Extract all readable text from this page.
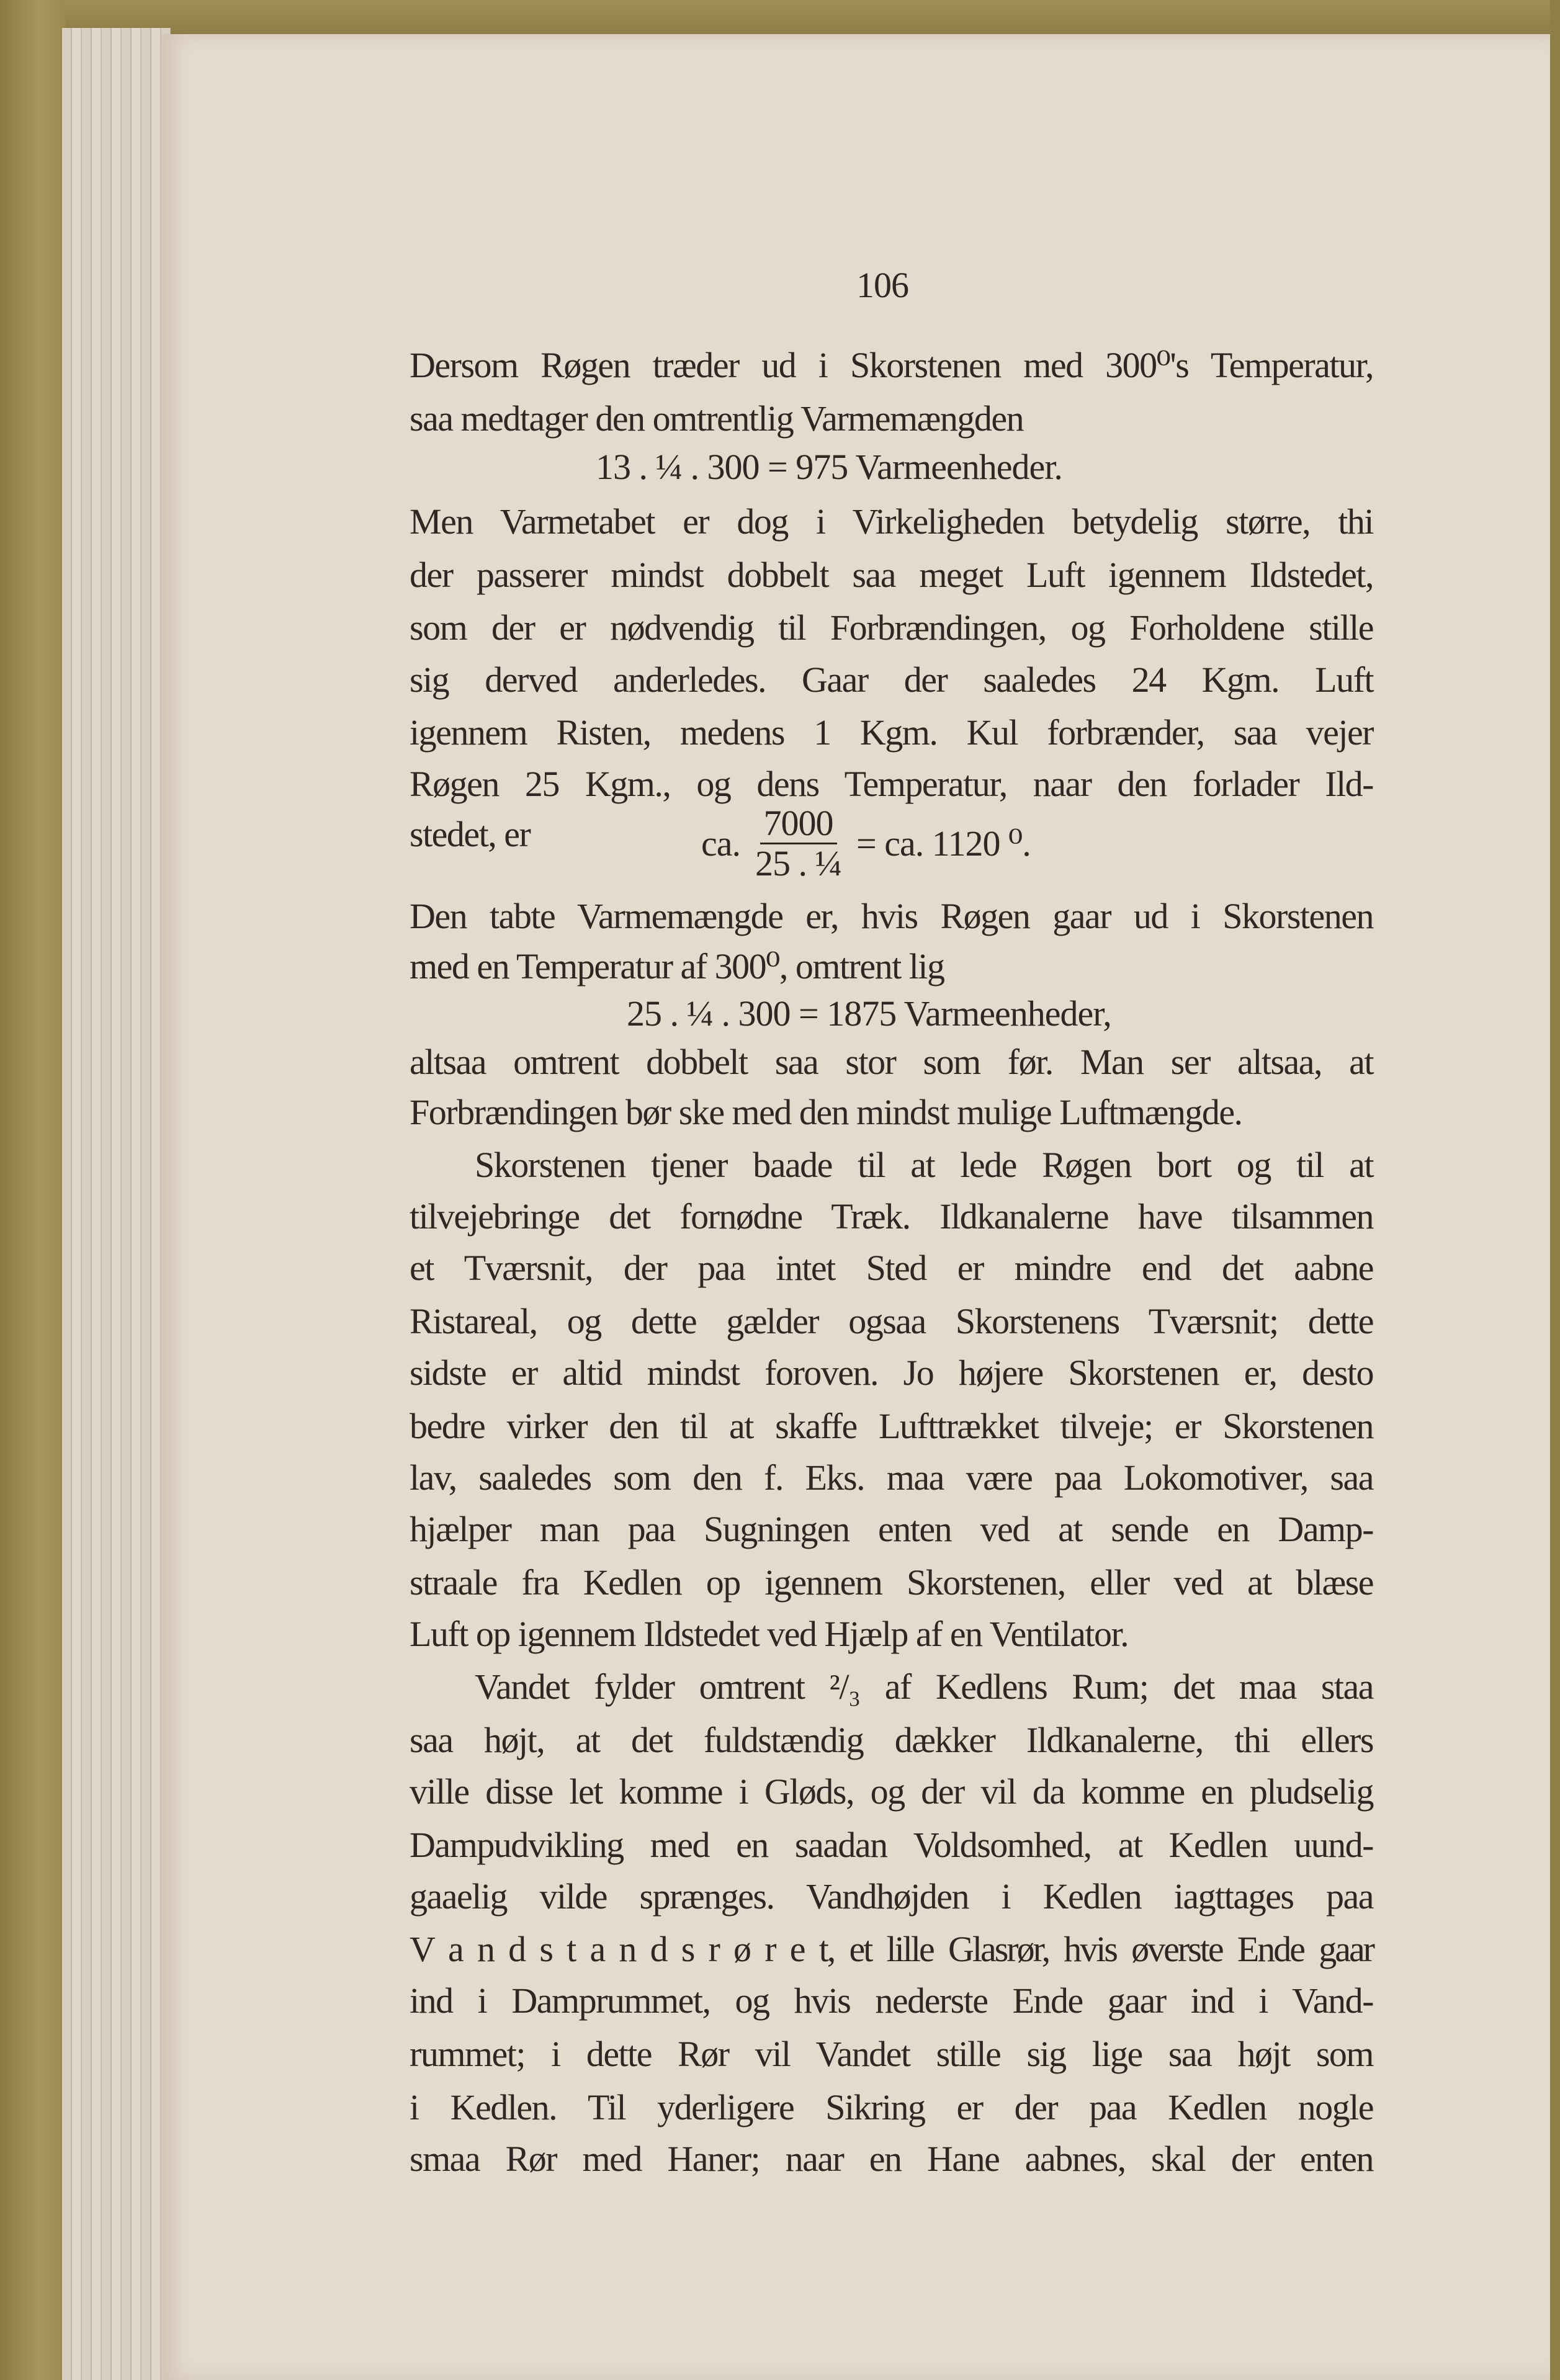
106
Dersom Røgen træder ud i Skorstenen med 300⁰'s Temperatur,
saa medtager den omtrentlig Varmemængden
13 . ¼ . 300 = 975 Varmeenheder.
Men Varmetabet er dog i Virkeligheden betydelig større, thi
der passerer mindst dobbelt saa meget Luft igennem Ildstedet,
som der er nødvendig til Forbrændingen, og Forholdene stille
sig derved anderledes. Gaar der saaledes 24 Kgm. Luft
igennem Risten, medens 1 Kgm. Kul forbrænder, saa vejer
Røgen 25 Kgm., og dens Temperatur, naar den forlader Ild-
stedet, er	ca. $\frac{7000}{\text{25 . ¼}}$ = ca. 1120 ⁰.
Den tabte Varmemængde er, hvis Røgen gaar ud i Skorstenen
med en Temperatur af 300⁰, omtrent lig
25 . ¼ . 300 = 1875 Varmeenheder,
altsaa omtrent dobbelt saa stor som før. Man ser altsaa, at
Forbrændingen bør ske med den mindst mulige Luftmængde.
Skorstenen tjener baade til at lede Røgen bort og til at
tilvejebringe det fornødne Træk. Ildkanalerne have tilsammen
et Tværsnit, der paa intet Sted er mindre end det aabne
Ristareal, og dette gælder ogsaa Skorstenens Tværsnit; dette
sidste er altid mindst foroven. Jo højere Skorstenen er, desto
bedre virker den til at skaffe Lufttrækket tilveje; er Skorstenen
lav, saaledes som den f. Eks. maa være paa Lokomotiver, saa
hjælper man paa Sugningen enten ved at sende en Damp-
straale fra Kedlen op igennem Skorstenen, eller ved at blæse
Luft op igennem Ildstedet ved Hjælp af en Ventilator.
Vandet fylder omtrent ²/₃ af Kedlens Rum; det maa staa
saa højt, at det fuldstændig dækker Ildkanalerne, thi ellers
ville disse let komme i Gløds, og der vil da komme en pludselig
Dampudvikling med en saadan Voldsomhed, at Kedlen uund-
gaaelig vilde sprænges. Vandhøjden i Kedlen iagttages paa
V a n d s t a n d s r ø r e t, et lille Glasrør, hvis øverste Ende gaar
ind i Damprummet, og hvis nederste Ende gaar ind i Vand-
rummet; i dette Rør vil Vandet stille sig lige saa højt som
i Kedlen. Til yderligere Sikring er der paa Kedlen nogle
smaa Rør med Haner; naar en Hane aabnes, skal der enten
